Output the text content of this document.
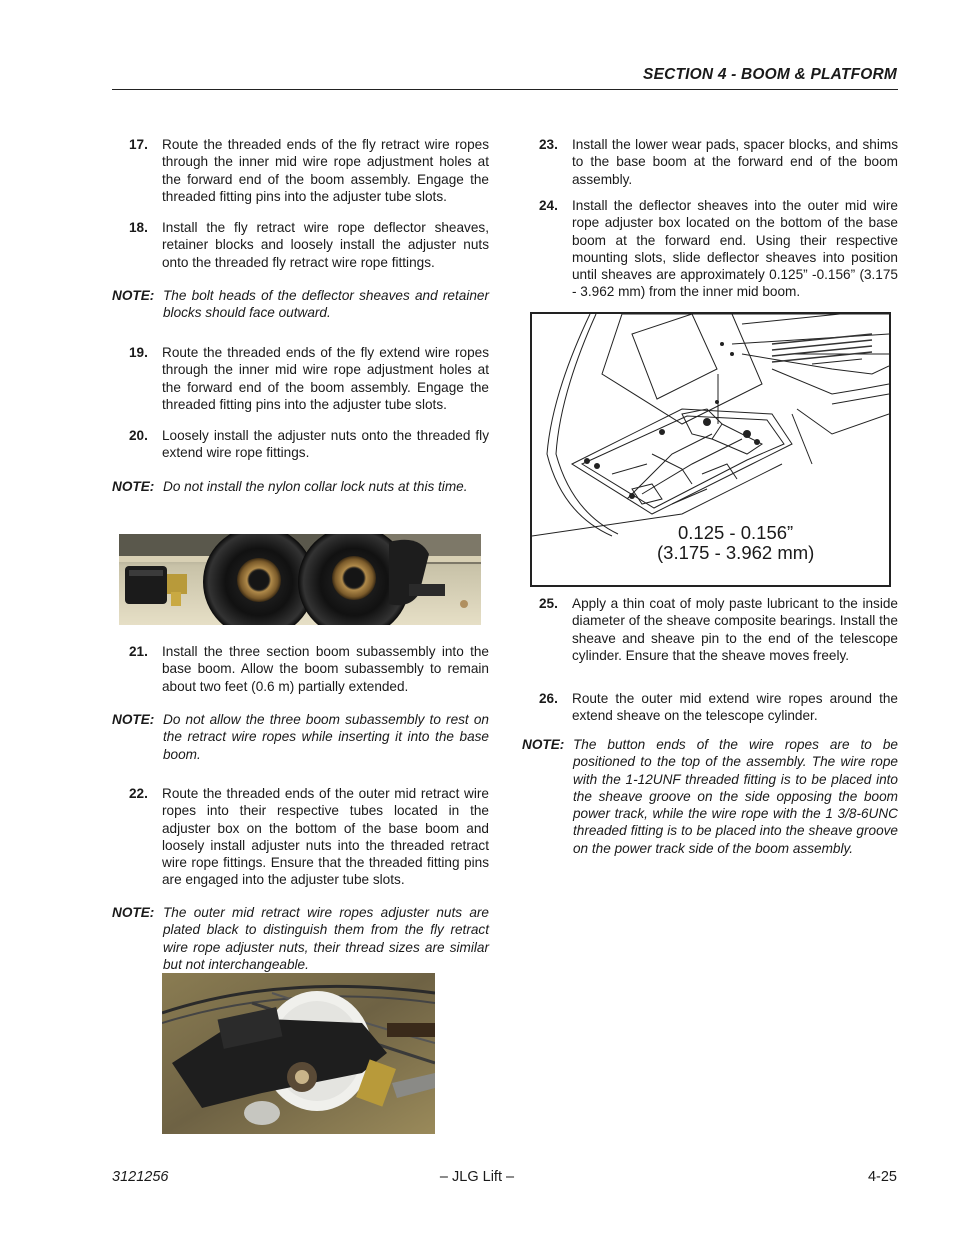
SECTION 4 - BOOM & PLATFORM
17. Route the threaded ends of the fly retract wire ropes through the inner mid wire rope adjustment holes at the forward end of the boom assembly. Engage the threaded fitting pins into the adjuster tube slots.
18. Install the fly retract wire rope deflector sheaves, retainer blocks and loosely install the adjuster nuts onto the threaded fly retract wire rope fittings.
NOTE: The bolt heads of the deflector sheaves and retainer blocks should face outward.
19. Route the threaded ends of the fly extend wire ropes through the inner mid wire rope adjustment holes at the forward end of the boom assembly. Engage the threaded fitting pins into the adjuster tube slots.
20. Loosely install the adjuster nuts onto the threaded fly extend wire rope fittings.
NOTE: Do not install the nylon collar lock nuts at this time.
21. Install the three section boom subassembly into the base boom. Allow the boom subassembly to remain about two feet (0.6 m) partially extended.
NOTE: Do not allow the three boom subassembly to rest on the retract wire ropes while inserting it into the base boom.
22. Route the threaded ends of the outer mid retract wire ropes into their respective tubes located in the adjuster box on the bottom of the base boom and loosely install adjuster nuts into the threaded retract wire rope fittings. Ensure that the threaded fitting pins are engaged into the adjuster tube slots.
NOTE: The outer mid retract wire ropes adjuster nuts are plated black to distinguish them from the fly retract wire rope adjuster nuts, their thread sizes are similar but not interchangeable.
23. Install the lower wear pads, spacer blocks, and shims to the base boom at the forward end of the boom assembly.
24. Install the deflector sheaves into the outer mid wire rope adjuster box located on the bottom of the base boom at the forward end. Using their respective mounting slots, slide deflector sheaves into position until sheaves are approximately 0.125” -0.156” (3.175 - 3.962 mm) from the inner mid boom.
0.125 - 0.156”
(3.175 - 3.962 mm)
25. Apply a thin coat of moly paste lubricant to the inside diameter of the sheave composite bearings. Install the sheave and sheave pin to the end of the telescope cylinder. Ensure that the sheave moves freely.
26. Route the outer mid extend wire ropes around the extend sheave on the telescope cylinder.
NOTE: The button ends of the wire ropes are to be positioned to the top of the assembly. The wire rope with the 1-12UNF threaded fitting is to be placed into the sheave groove on the side opposing the boom power track, while the wire rope with the 1 3/8-6UNC threaded fitting is to be placed into the sheave groove on the power track side of the boom assembly.
3121256	– JLG Lift –	4-25
